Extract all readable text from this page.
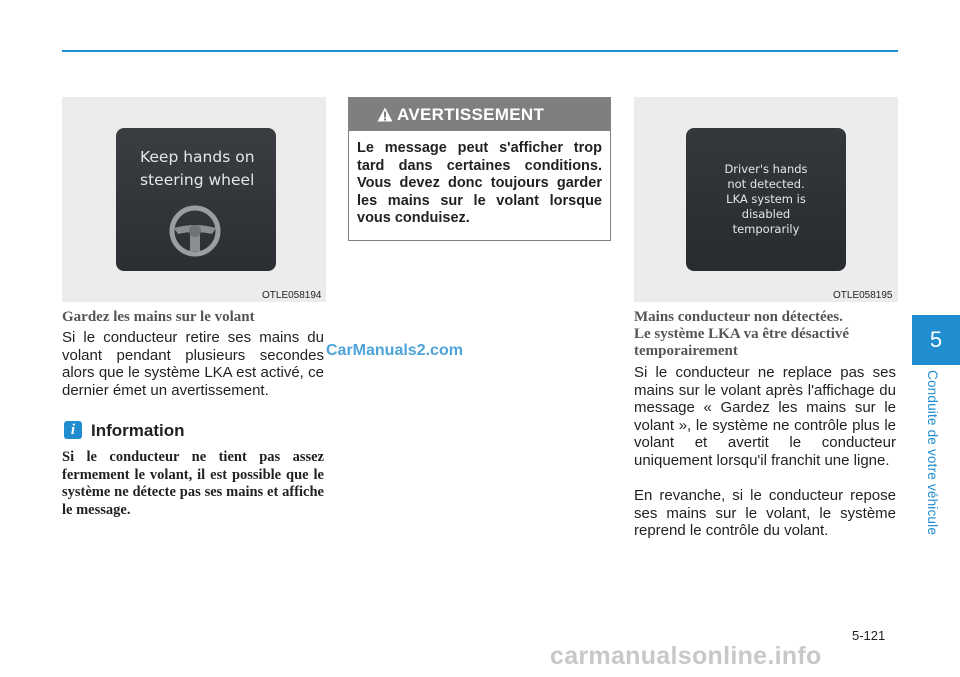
Keep hands on
steering wheel
OTLE058194
Driver's hands
not detected.
LKA system is
disabled
temporarily
OTLE058195
Gardez les mains sur le volant
Si le conducteur retire ses mains du volant pendant plusieurs secondes alors que le système LKA est activé, ce dernier émet un avertissement.
i Information
Si le conducteur ne tient pas assez fermement le volant, il est possible que le système ne détecte pas ses mains et affiche le message.
AVERTISSEMENT
Le message peut s'afficher trop tard dans certaines conditions. Vous devez donc toujours garder les mains sur le volant lorsque vous conduisez.
Mains conducteur non détectées.
Le système LKA va être désactivé
temporairement
Si le conducteur ne replace pas ses mains sur le volant après l'affichage du message « Gardez les mains sur le volant », le système ne contrôle plus le volant et avertit le conducteur uniquement lorsqu'il franchit une ligne.
En revanche, si le conducteur repose ses mains sur le volant, le système reprend le contrôle du volant.
5
Conduite de votre véhicule
5-121
CarManuals2.com
carmanualsonline.info
